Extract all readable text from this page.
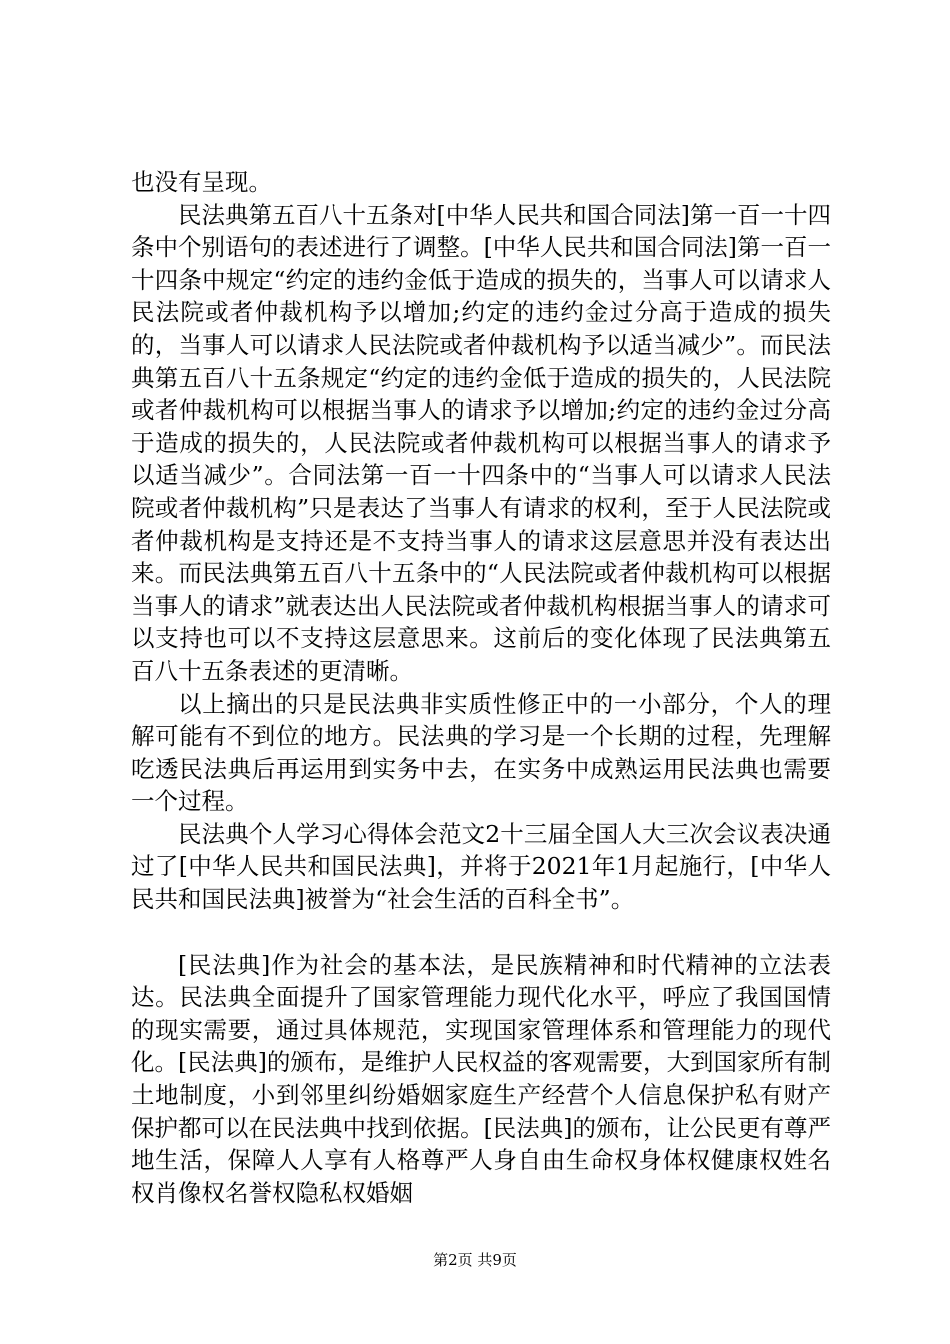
也没有呈现。

民法典第五百八十五条对[中华人民共和国合同法]第一百一十四条中个别语句的表述进行了调整。[中华人民共和国合同法]第一百一十四条中规定“约定的违约金低于造成的损失的，当事人可以请求人民法院或者仲裁机构予以增加;约定的违约金过分高于造成的损失的，当事人可以请求人民法院或者仲裁机构予以适当减少”。而民法典第五百八十五条规定“约定的违约金低于造成的损失的，人民法院或者仲裁机构可以根据当事人的请求予以增加;约定的违约金过分高于造成的损失的，人民法院或者仲裁机构可以根据当事人的请求予以适当减少”。合同法第一百一十四条中的“当事人可以请求人民法院或者仲裁机构”只是表达了当事人有请求的权利，至于人民法院或者仲裁机构是支持还是不支持当事人的请求这层意思并没有表达出来。而民法典第五百八十五条中的“人民法院或者仲裁机构可以根据当事人的请求”就表达出人民法院或者仲裁机构根据当事人的请求可以支持也可以不支持这层意思来。这前后的变化体现了民法典第五百八十五条表述的更清晰。

以上摘出的只是民法典非实质性修正中的一小部分，个人的理解可能有不到位的地方。民法典的学习是一个长期的过程，先理解吃透民法典后再运用到实务中去，在实务中成熟运用民法典也需要一个过程。

民法典个人学习心得体会范文2十三届全国人大三次会议表决通过了[中华人民共和国民法典]，并将于2021年1月起施行，[中华人民共和国民法典]被誉为“社会生活的百科全书”。

[民法典]作为社会的基本法，是民族精神和时代精神的立法表达。民法典全面提升了国家管理能力现代化水平，呼应了我国国情的现实需要，通过具体规范，实现国家管理体系和管理能力的现代化。[民法典]的颁布，是维护人民权益的客观需要，大到国家所有制土地制度，小到邻里纠纷婚姻家庭生产经营个人信息保护私有财产保护都可以在民法典中找到依据。[民法典]的颁布，让公民更有尊严地生活，保障人人享有人格尊严人身自由生命权身体权健康权姓名权肖像权名誉权隐私权婚姻

第2页 共9页
